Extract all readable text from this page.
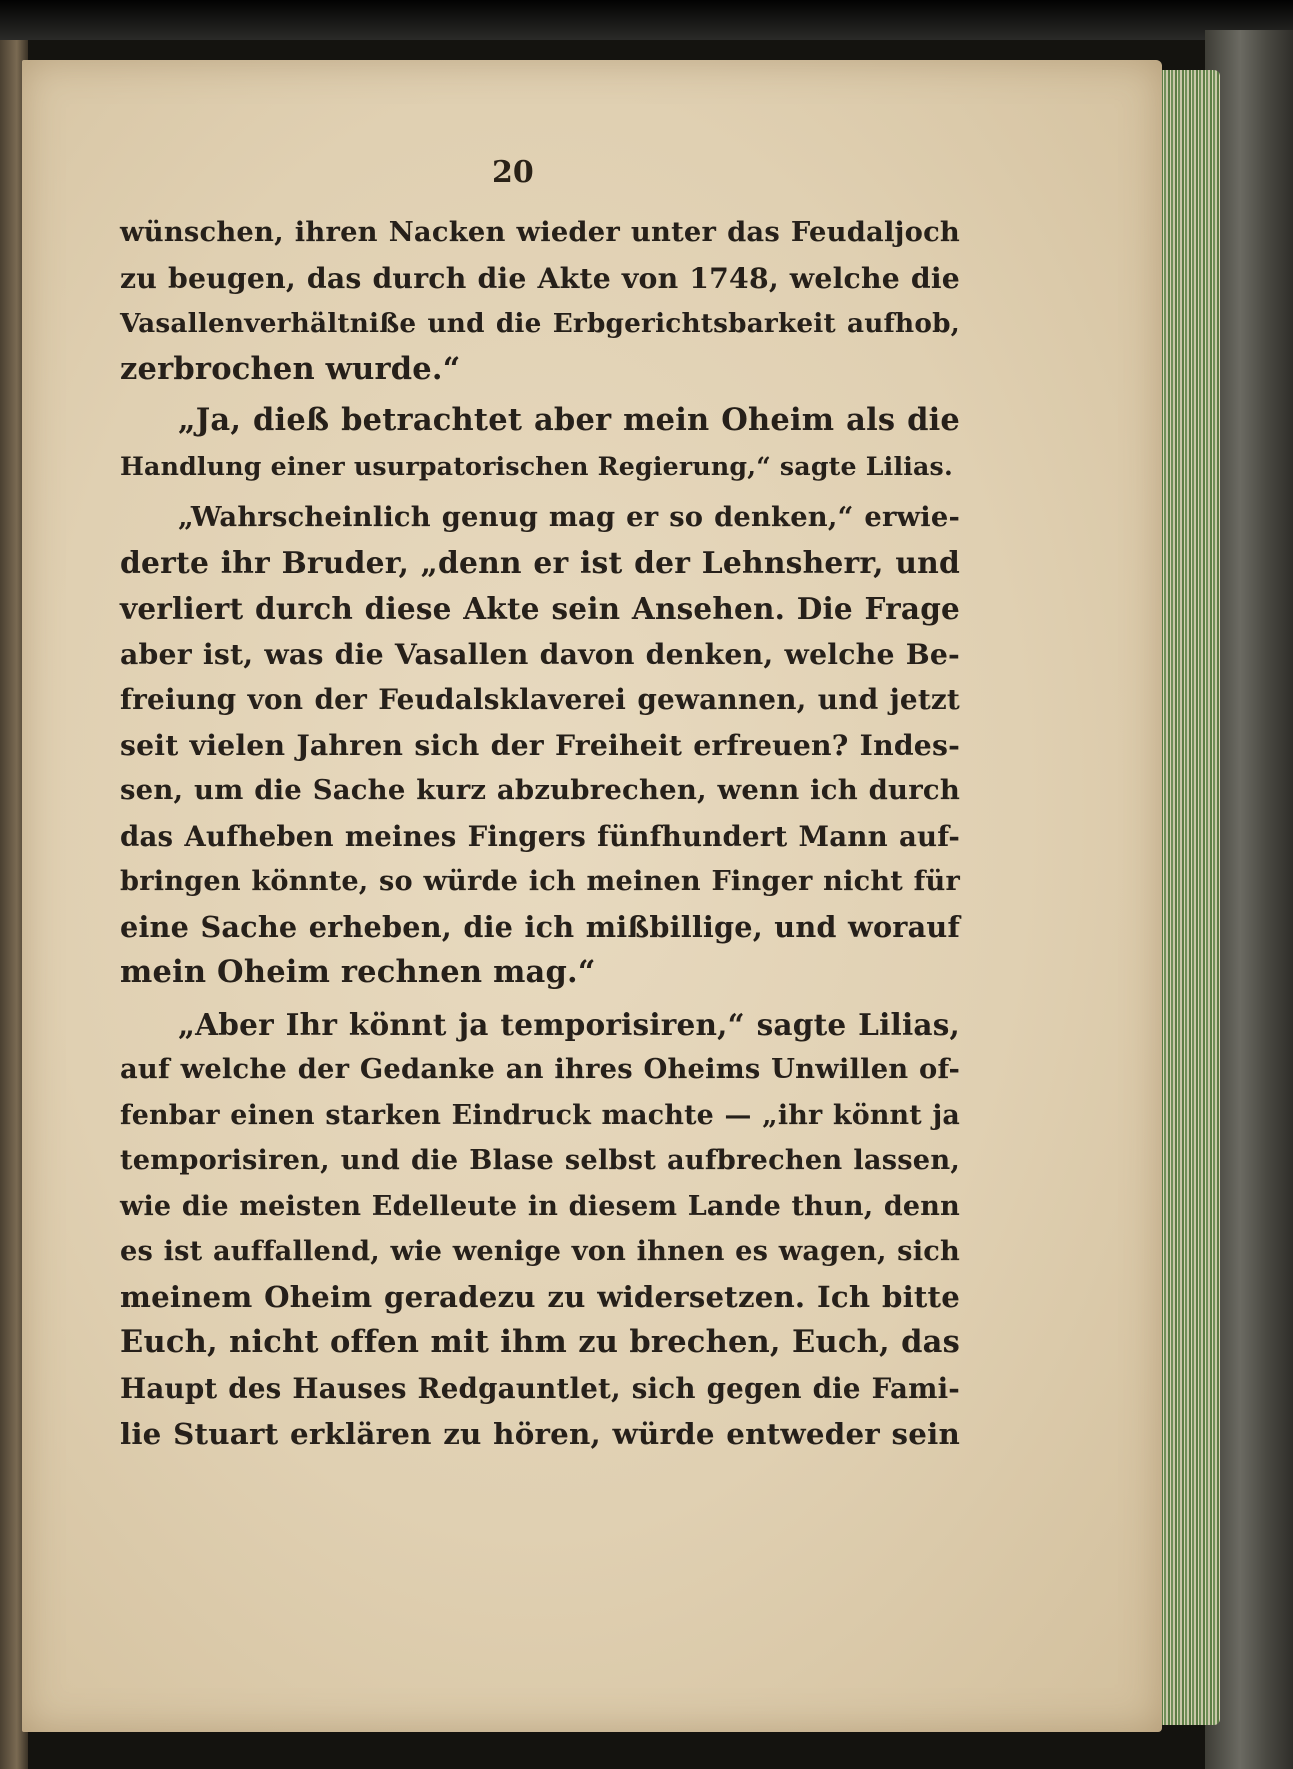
20
wünschen, ihren Nacken wieder unter das Feudaljoch
zu beugen, das durch die Akte von 1748, welche die
Vasallenverhältniße und die Erbgerichtsbarkeit aufhob,
zerbrochen wurde.“
„Ja, dieß betrachtet aber mein Oheim als die
Handlung einer usurpatorischen Regierung,“ sagte Lilias.
„Wahrscheinlich genug mag er so denken,“ erwie-
derte ihr Bruder, „denn er ist der Lehnsherr, und
verliert durch diese Akte sein Ansehen. Die Frage
aber ist, was die Vasallen davon denken, welche Be-
freiung von der Feudalsklaverei gewannen, und jetzt
seit vielen Jahren sich der Freiheit erfreuen? Indes-
sen, um die Sache kurz abzubrechen, wenn ich durch
das Aufheben meines Fingers fünfhundert Mann auf-
bringen könnte, so würde ich meinen Finger nicht für
eine Sache erheben, die ich mißbillige, und worauf
mein Oheim rechnen mag.“
„Aber Ihr könnt ja temporisiren,“ sagte Lilias,
auf welche der Gedanke an ihres Oheims Unwillen of-
fenbar einen starken Eindruck machte — „ihr könnt ja
temporisiren, und die Blase selbst aufbrechen lassen,
wie die meisten Edelleute in diesem Lande thun, denn
es ist auffallend, wie wenige von ihnen es wagen, sich
meinem Oheim geradezu zu widersetzen. Ich bitte
Euch, nicht offen mit ihm zu brechen, Euch, das
Haupt des Hauses Redgauntlet, sich gegen die Fami-
lie Stuart erklären zu hören, würde entweder sein
